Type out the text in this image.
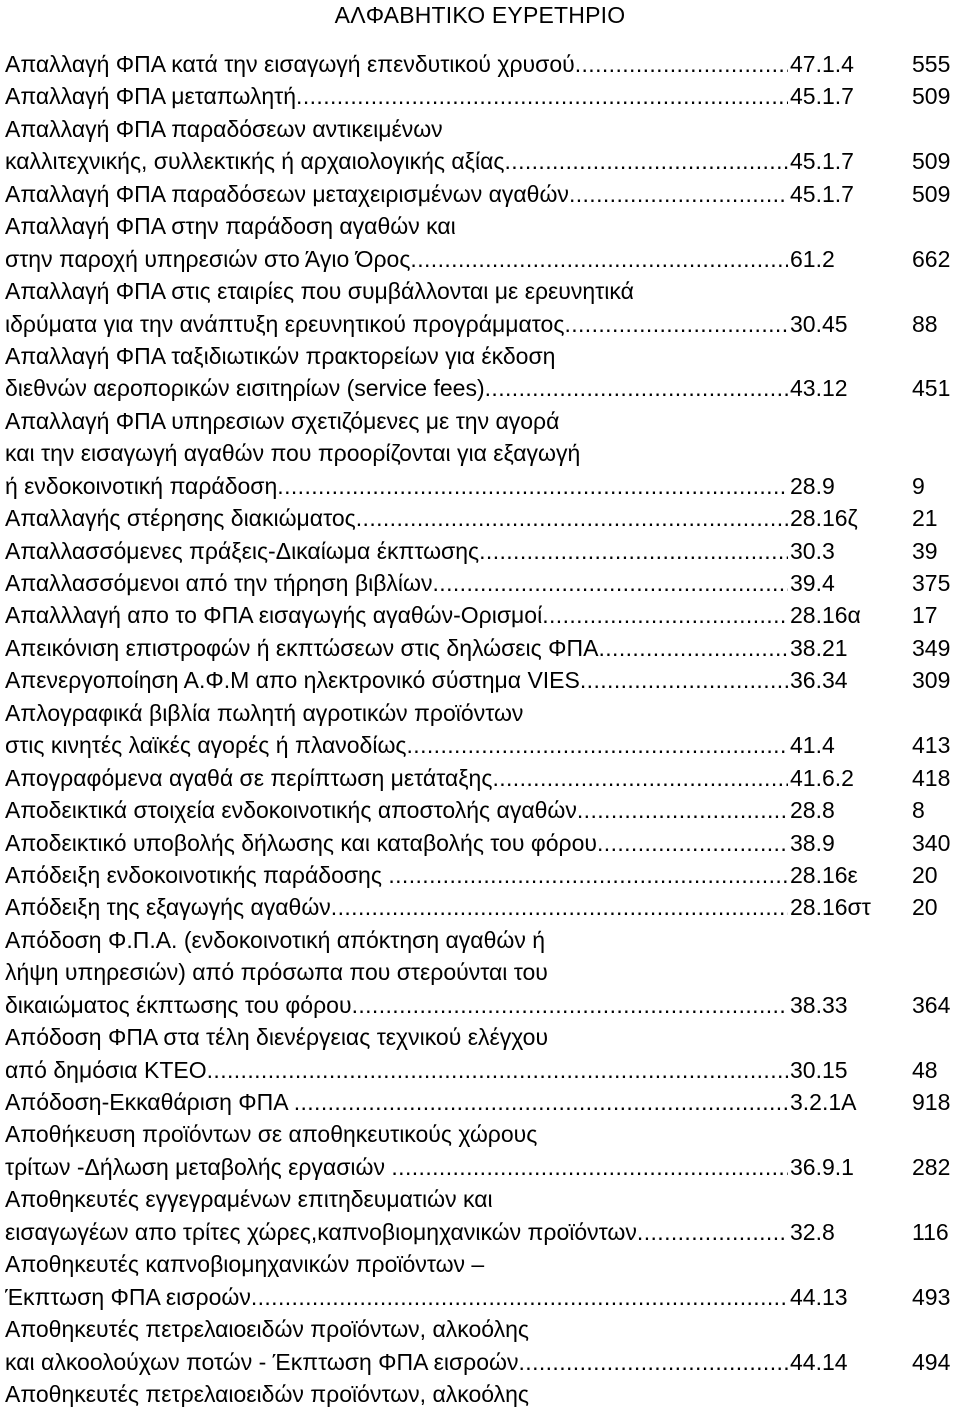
ΑΛΦΑΒΗΤΙΚΟ ΕΥΡΕΤΗΡΙΟ
Απαλλαγή ΦΠΑ κατά την εισαγωγή επενδυτικού χρυσού .....	47.1.4	555
Απαλλαγή ΦΠΑ μεταπωλητή .....	45.1.7	509
Απαλλαγή ΦΠΑ παραδόσεων αντικειμένων
καλλιτεχνικής, συλλεκτικής ή αρχαιολογικής αξίας .....	45.1.7	509
Απαλλαγή ΦΠΑ παραδόσεων μεταχειρισμένων αγαθών .....	45.1.7	509
Απαλλαγή ΦΠΑ στην παράδοση αγαθών και
στην παροχή υπηρεσιών στο Άγιο Όρος .....	61.2	662
Απαλλαγή ΦΠΑ στις εταιρίες που συμβάλλονται με ερευνητικά
ιδρύματα για την ανάπτυξη ερευνητικού προγράμματος .....	30.45	88
Απαλλαγή ΦΠΑ ταξιδιωτικών πρακτορείων για έκδοση
διεθνών αεροπορικών εισιτηρίων (service fees) .....	43.12	451
Απαλλαγή ΦΠΑ υπηρεσιων σχετιζόμενες με την αγορά
και την εισαγωγή αγαθών που προορίζονται για εξαγωγή
ή ενδοκοινοτική παράδοση .....	28.9	9
Απαλλαγής στέρησης διακιώματος .....	28.16ζ	21
Απαλλασσόμενες πράξεις-Δικαίωμα έκπτωσης .....	30.3	39
Απαλλασσόμενοι από την τήρηση βιβλίων .....	39.4	375
Απαλλλαγή απο το ΦΠΑ εισαγωγής αγαθών-Ορισμοί .....	28.16α	17
Απεικόνιση επιστροφών ή εκπτώσεων στις δηλώσεις ΦΠΑ .....	38.21	349
Απενεργοποίηση Α.Φ.Μ απο ηλεκτρονικό σύστημα VIES .....	36.34	309
Απλογραφικά βιβλία πωλητή αγροτικών προϊόντων
στις κινητές λαϊκές αγορές ή πλανοδίως .....	41.4	413
Απογραφόμενα αγαθά σε περίπτωση μετάταξης .....	41.6.2	418
Αποδεικτικά στοιχεία ενδοκοινοτικής αποστολής αγαθών .....	28.8	8
Αποδεικτικό υποβολής δήλωσης και καταβολής του φόρου .....	38.9	340
Απόδειξη ενδοκοινοτικής παράδοσης .....	28.16ε	20
Απόδειξη της εξαγωγής αγαθών .....	28.16στ	20
Απόδοση Φ.Π.Α. (ενδοκοινοτική απόκτηση αγαθών ή
λήψη υπηρεσιών) από πρόσωπα που στερούνται του
δικαιώματος έκπτωσης του φόρου .....	38.33	364
Απόδοση ΦΠΑ στα τέλη διενέργειας τεχνικού ελέγχου
από δημόσια ΚΤΕΟ .....	30.15	48
Απόδοση-Εκκαθάριση ΦΠΑ .....	3.2.1Α	918
Αποθήκευση προϊόντων σε αποθηκευτικούς χώρους
τρίτων -Δήλωση μεταβολής εργασιών .....	36.9.1	282
Αποθηκευτές εγγεγραμένων επιτηδευματιών και
εισαγωγέων απο τρίτες χώρες,καπνοβιομηχανικών προϊόντων .....	32.8	116
Αποθηκευτές καπνοβιομηχανικών προϊόντων –
Έκπτωση ΦΠΑ εισροών .....	44.13	493
Αποθηκευτές πετρελαιοειδών προϊόντων, αλκοόλης
και αλκοολούχων ποτών - Έκπτωση ΦΠΑ εισροών .....	44.14	494
Αποθηκευτές πετρελαιοειδών προϊόντων, αλκοόλης
